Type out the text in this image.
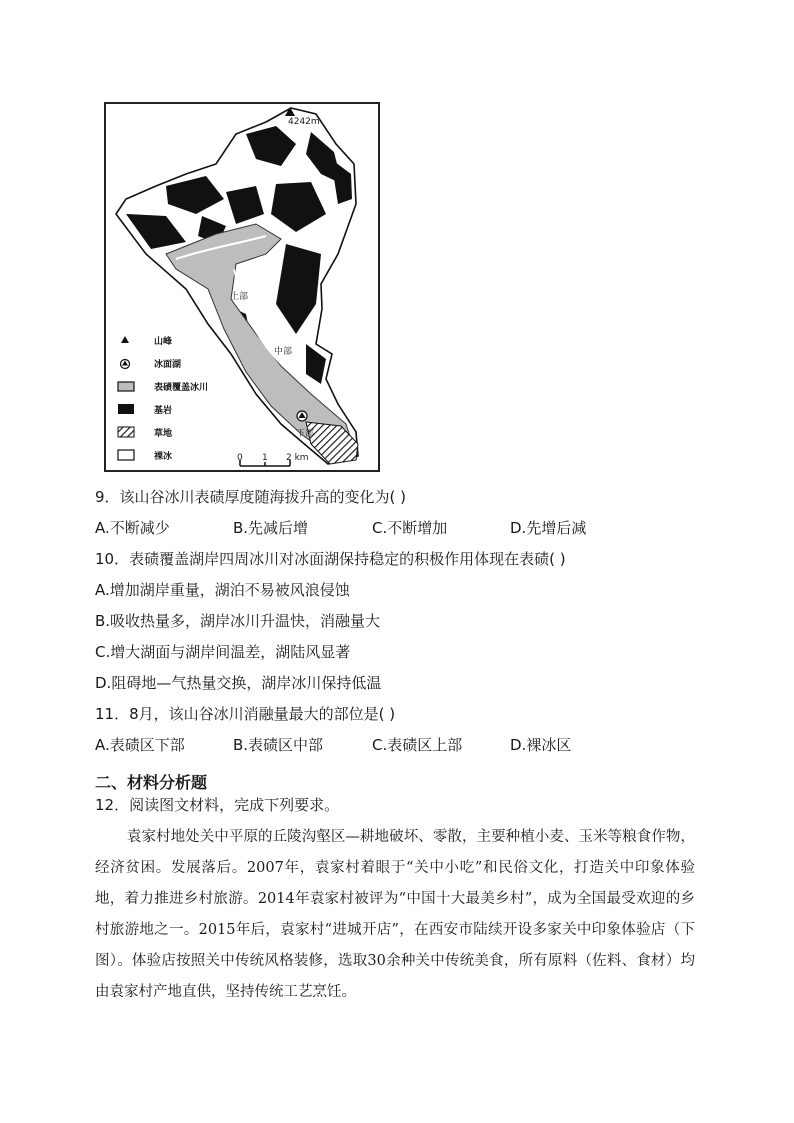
4242m
上部
中部
下部
山峰
冰面湖
表碛覆盖冰川
基岩
草地
裸冰	0 1 2 km
9．该山谷冰川表碛厚度随海拔升高的变化为( )
A.不断减少	B.先减后增	C.不断增加	D.先增后减
10．表碛覆盖湖岸四周冰川对冰面湖保持稳定的积极作用体现在表碛( )
A.增加湖岸重量，湖泊不易被风浪侵蚀
B.吸收热量多，湖岸冰川升温快，消融量大
C.增大湖面与湖岸间温差，湖陆风显著
D.阻碍地—气热量交换，湖岸冰川保持低温
11．8月，该山谷冰川消融量最大的部位是( )
A.表碛区下部	B.表碛区中部	C.表碛区上部	D.裸冰区
二、材料分析题
12．阅读图文材料，完成下列要求。

袁家村地处关中平原的丘陵沟壑区—耕地破坏、零散，主要种植小麦、玉米等粮食作物，经济贫困。发展落后。2007年，袁家村着眼于“关中小吃”和民俗文化，打造关中印象体验地，着力推进乡村旅游。2014年袁家村被评为“中国十大最美乡村”，成为全国最受欢迎的乡村旅游地之一。2015年后，袁家村“进城开店”，在西安市陆续开设多家关中印象体验店（下图）。体验店按照关中传统风格装修，选取30余种关中传统美食，所有原料（佐料、食材）均由袁家村产地直供，坚持传统工艺烹饪。
